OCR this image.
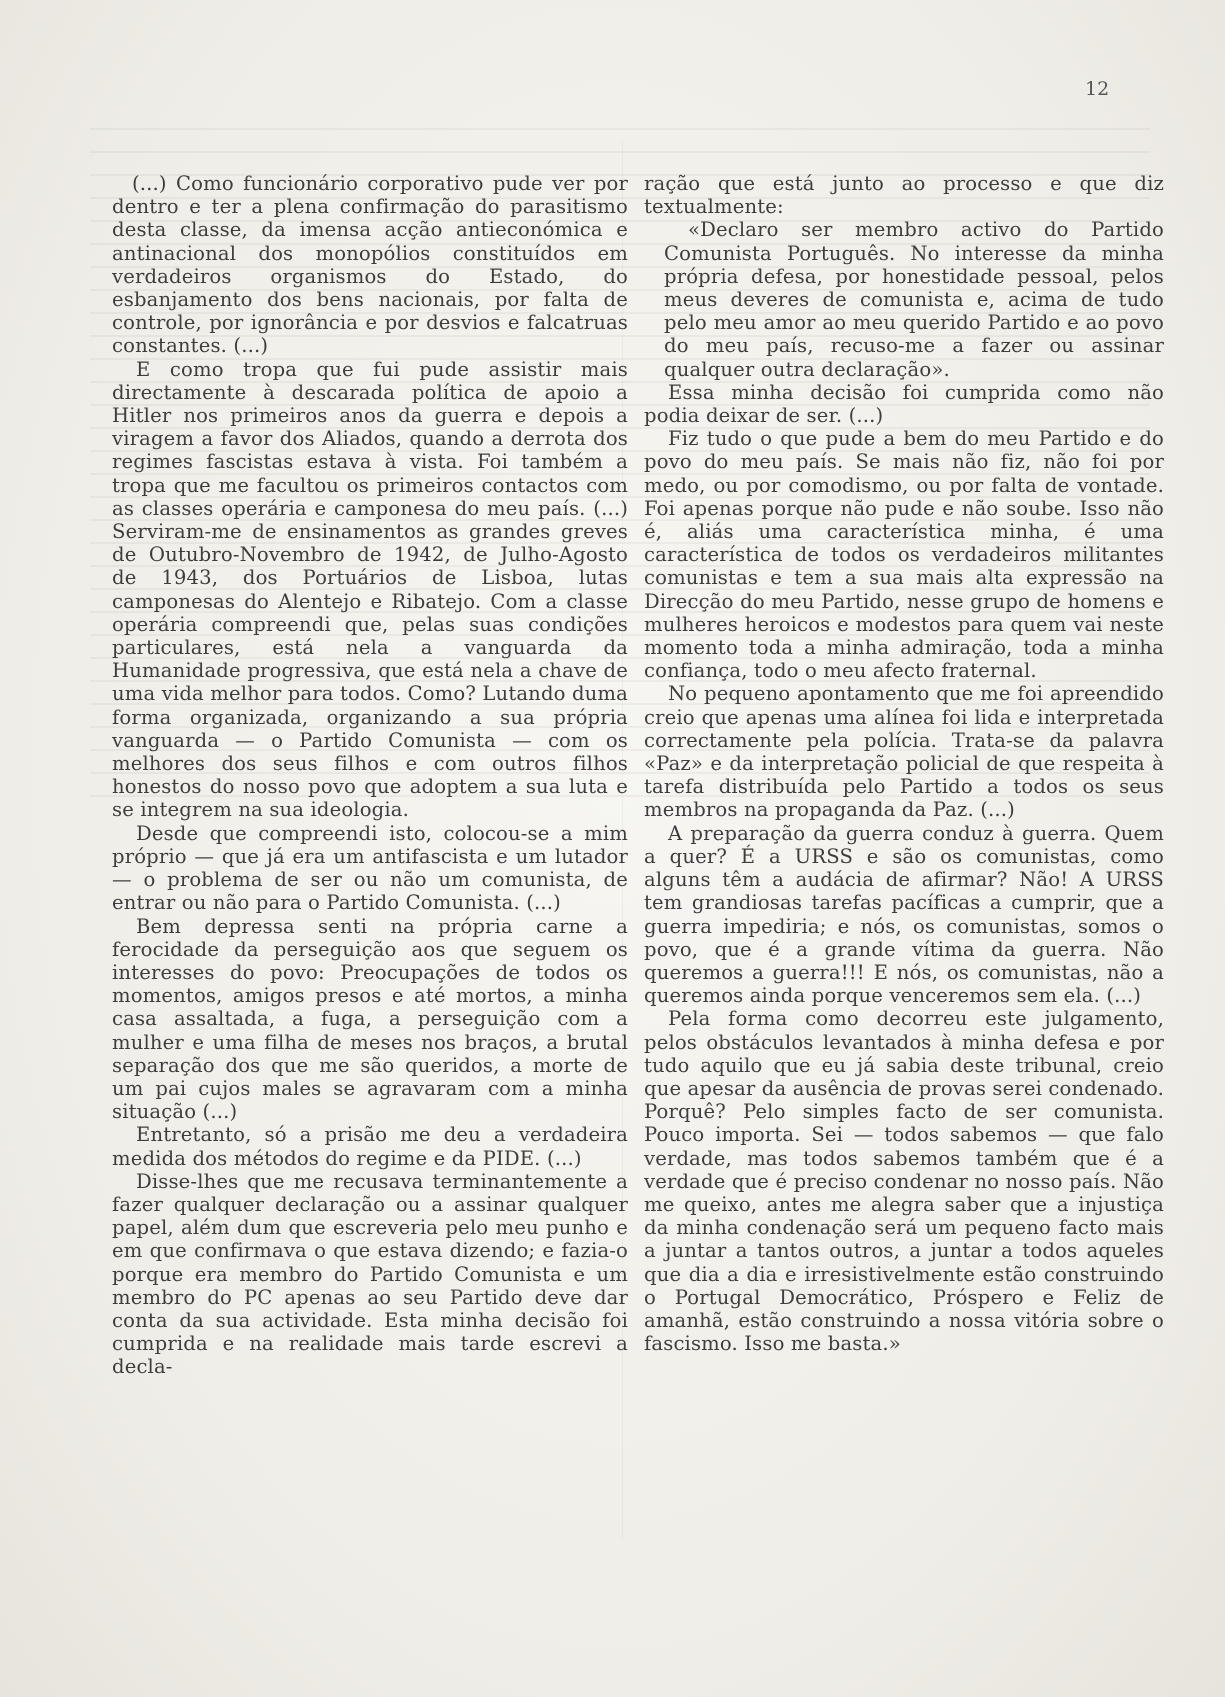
12

(...) Como funcionário corporativo pude ver por dentro e ter a plena confirmação do parasitismo desta classe, da imensa acção antieconómica e antinacional dos monopólios constituídos em verdadeiros organismos do Estado, do esbanjamento dos bens nacionais, por falta de controle, por ignorância e por desvios e falcatruas constantes. (...)

E como tropa que fui pude assistir mais directamente à descarada política de apoio a Hitler nos primeiros anos da guerra e depois a viragem a favor dos Aliados, quando a derrota dos regimes fascistas estava à vista. Foi também a tropa que me facultou os primeiros contactos com as classes operária e camponesa do meu país. (...) Serviram-me de ensinamentos as grandes greves de Outubro-Novembro de 1942, de Julho-Agosto de 1943, dos Portuários de Lisboa, lutas camponesas do Alentejo e Ribatejo. Com a classe operária compreendi que, pelas suas condições particulares, está nela a vanguarda da Humanidade progressiva, que está nela a chave de uma vida melhor para todos. Como? Lutando duma forma organizada, organizando a sua própria vanguarda — o Partido Comunista — com os melhores dos seus filhos e com outros filhos honestos do nosso povo que adoptem a sua luta e se integrem na sua ideologia.

Desde que compreendi isto, colocou-se a mim próprio — que já era um antifascista e um lutador — o problema de ser ou não um comunista, de entrar ou não para o Partido Comunista. (...)

Bem depressa senti na própria carne a ferocidade da perseguição aos que seguem os interesses do povo: Preocupações de todos os momentos, amigos presos e até mortos, a minha casa assaltada, a fuga, a perseguição com a mulher e uma filha de meses nos braços, a brutal separação dos que me são queridos, a morte de um pai cujos males se agravaram com a minha situação (...)

Entretanto, só a prisão me deu a verdadeira medida dos métodos do regime e da PIDE. (...)

Disse-lhes que me recusava terminantemente a fazer qualquer declaração ou a assinar qualquer papel, além dum que escreveria pelo meu punho e em que confirmava o que estava dizendo; e fazia-o porque era membro do Partido Comunista e um membro do PC apenas ao seu Partido deve dar conta da sua actividade. Esta minha decisão foi cumprida e na realidade mais tarde escrevi a decla-

ração que está junto ao processo e que diz textualmente:

«Declaro ser membro activo do Partido Comunista Português. No interesse da minha própria defesa, por honestidade pessoal, pelos meus deveres de comunista e, acima de tudo pelo meu amor ao meu querido Partido e ao povo do meu país, recuso-me a fazer ou assinar qualquer outra declaração».

Essa minha decisão foi cumprida como não podia deixar de ser. (...)

Fiz tudo o que pude a bem do meu Partido e do povo do meu país. Se mais não fiz, não foi por medo, ou por comodismo, ou por falta de vontade. Foi apenas porque não pude e não soube. Isso não é, aliás uma característica minha, é uma característica de todos os verdadeiros militantes comunistas e tem a sua mais alta expressão na Direcção do meu Partido, nesse grupo de homens e mulheres heroicos e modestos para quem vai neste momento toda a minha admiração, toda a minha confiança, todo o meu afecto fraternal.

No pequeno apontamento que me foi apreendido creio que apenas uma alínea foi lida e interpretada correctamente pela polícia. Trata-se da palavra «Paz» e da interpretação policial de que respeita à tarefa distribuída pelo Partido a todos os seus membros na propaganda da Paz. (...)

A preparação da guerra conduz à guerra. Quem a quer? É a URSS e são os comunistas, como alguns têm a audácia de afirmar? Não! A URSS tem grandiosas tarefas pacíficas a cumprir, que a guerra impediria; e nós, os comunistas, somos o povo, que é a grande vítima da guerra. Não queremos a guerra!!! E nós, os comunistas, não a queremos ainda porque venceremos sem ela. (...)

Pela forma como decorreu este julgamento, pelos obstáculos levantados à minha defesa e por tudo aquilo que eu já sabia deste tribunal, creio que apesar da ausência de provas serei condenado. Porquê? Pelo simples facto de ser comunista. Pouco importa. Sei — todos sabemos — que falo verdade, mas todos sabemos também que é a verdade que é preciso condenar no nosso país. Não me queixo, antes me alegra saber que a injustiça da minha condenação será um pequeno facto mais a juntar a tantos outros, a juntar a todos aqueles que dia a dia e irresistivelmente estão construindo o Portugal Democrático, Próspero e Feliz de amanhã, estão construindo a nossa vitória sobre o fascismo. Isso me basta.»
